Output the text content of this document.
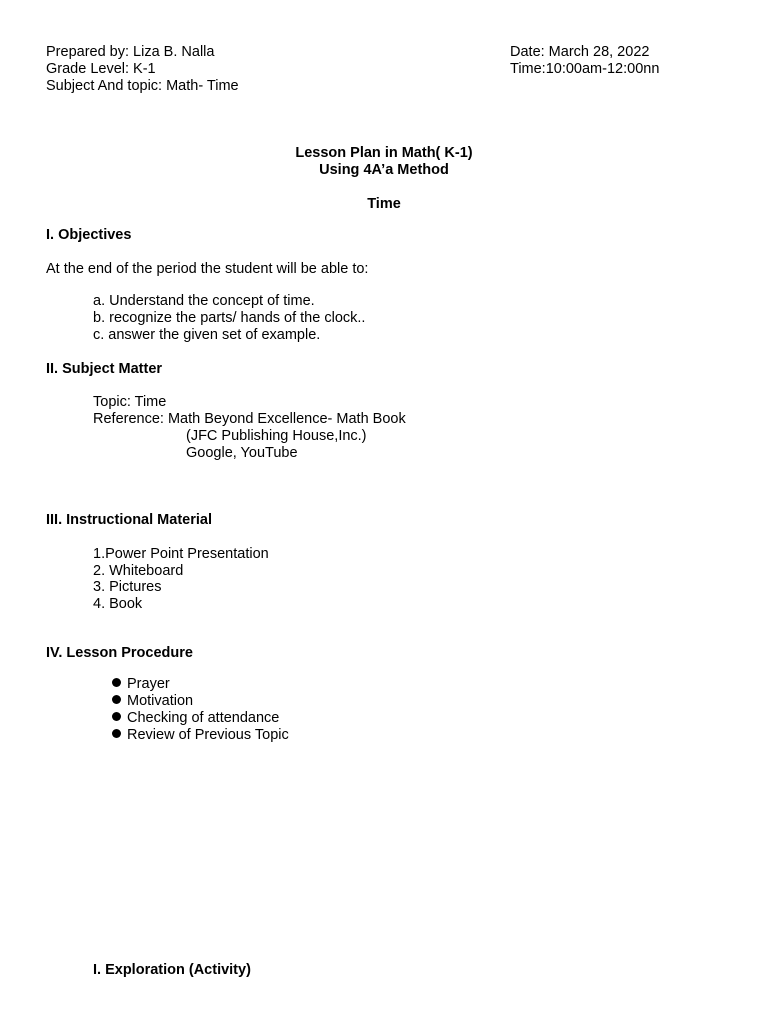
Prepared by: Liza B. Nalla
Grade Level: K-1
Subject And topic: Math- Time
Date: March 28, 2022
Time:10:00am-12:00nn
Lesson Plan in Math( K-1)
Using 4A’a Method
Time
I. Objectives
At the end of the period the student will be able to:
a. Understand the concept of time.
b. recognize the parts/ hands of the clock..
c. answer the given set of example.
II. Subject Matter
Topic: Time
Reference: Math Beyond Excellence- Math Book
(JFC Publishing House,Inc.)
Google, YouTube
III. Instructional Material
1.Power Point Presentation
2. Whiteboard
3. Pictures
4. Book
IV. Lesson Procedure
Prayer
Motivation
Checking of attendance
Review of Previous Topic
I. Exploration (Activity)
